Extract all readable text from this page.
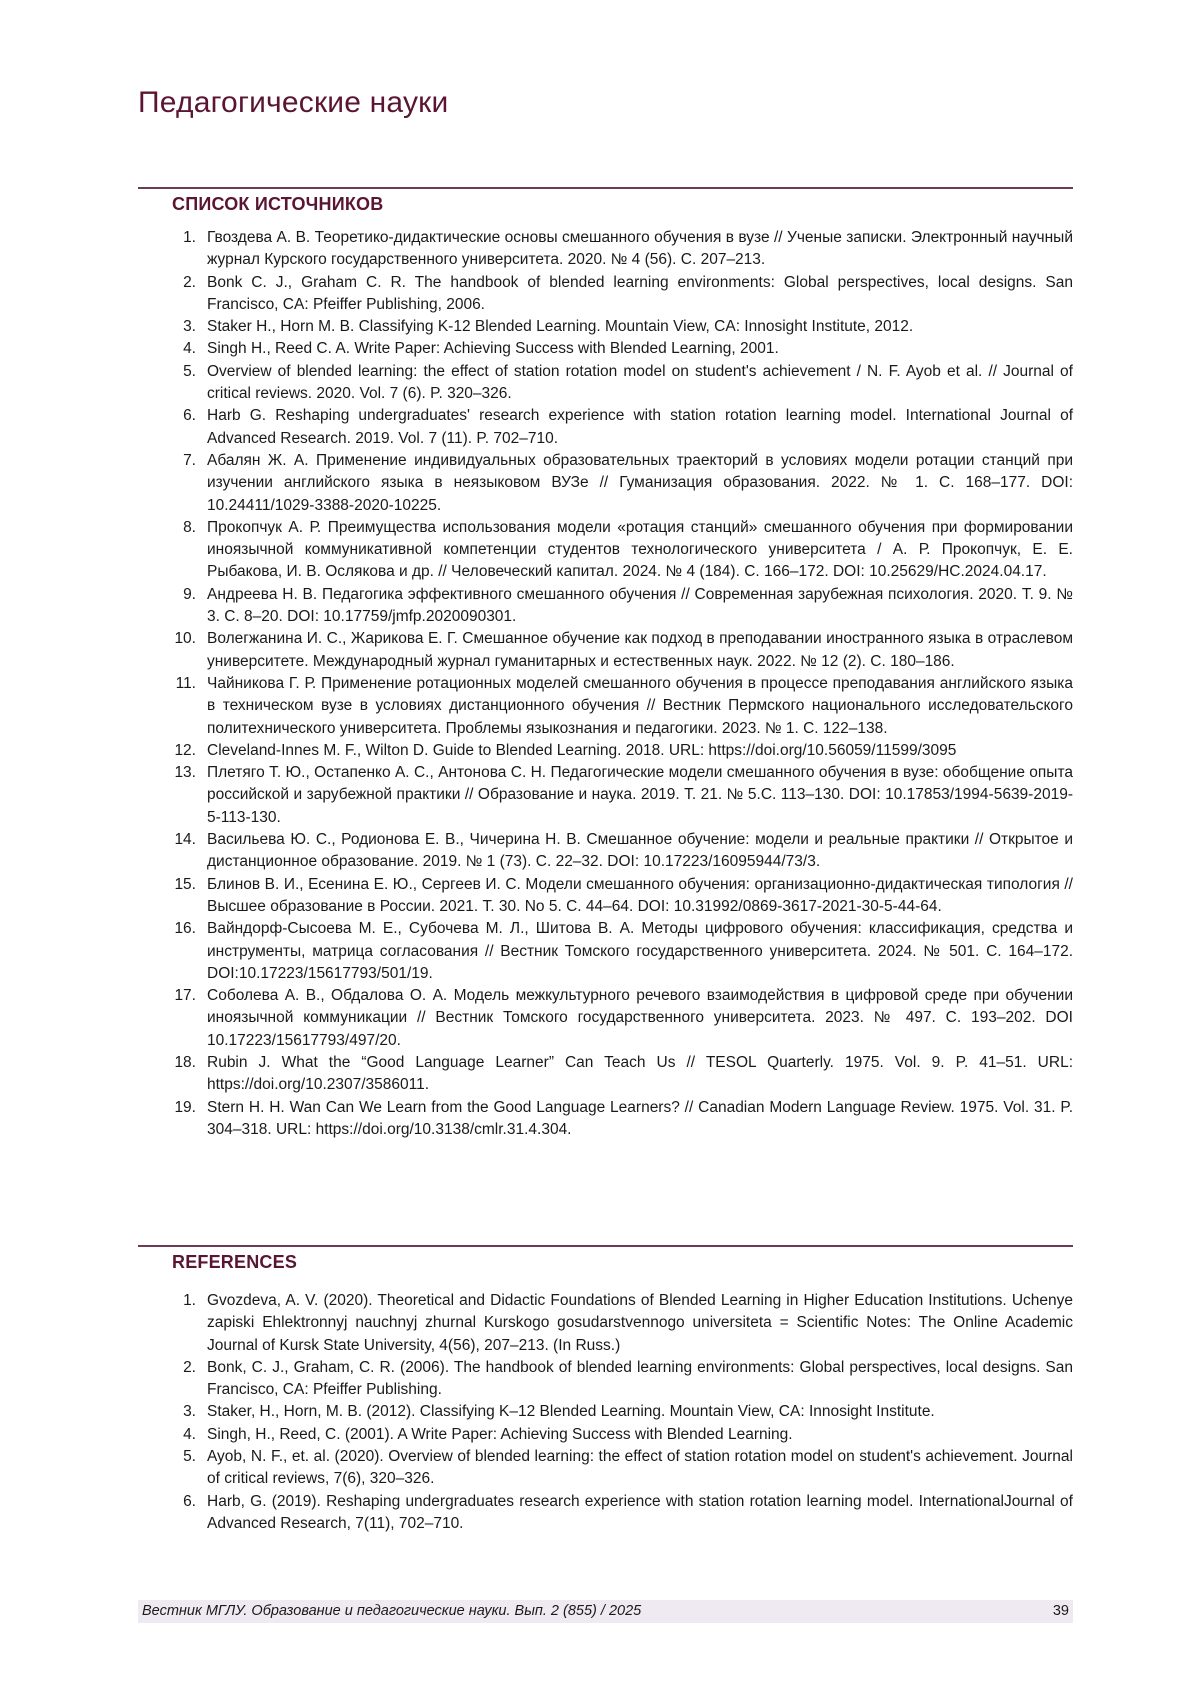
Педагогические науки
СПИСОК ИСТОЧНИКОВ
1. Гвоздева А. В. Теоретико-дидактические основы смешанного обучения в вузе // Ученые записки. Электронный научный журнал Курского государственного университета. 2020. № 4 (56). С. 207–213.
2. Bonk C. J., Graham C. R. The handbook of blended learning environments: Global perspectives, local designs. San Francisco, CA: Pfeiffer Publishing, 2006.
3. Staker H., Horn M. B. Classifying K-12 Blended Learning. Mountain View, CA: Innosight Institute, 2012.
4. Singh H., Reed C. A. Write Paper: Achieving Success with Blended Learning, 2001.
5. Overview of blended learning: the effect of station rotation model on student's achievement / N. F. Ayob et al. // Journal of critical reviews. 2020. Vol. 7 (6). P. 320–326.
6. Harb G. Reshaping undergraduates' research experience with station rotation learning model. International Journal of Advanced Research. 2019. Vol. 7 (11). P. 702–710.
7. Абалян Ж. А. Применение индивидуальных образовательных траекторий в условиях модели ротации станций при изучении английского языка в неязыковом ВУЗе // Гуманизация образования. 2022. № 1. С. 168–177. DOI: 10.24411/1029-3388-2020-10225.
8. Прокопчук А. Р. Преимущества использования модели «ротация станций» смешанного обучения при формировании иноязычной коммуникативной компетенции студентов технологического университета / А. Р. Прокопчук, Е. Е. Рыбакова, И. В. Ослякова и др. // Человеческий капитал. 2024. № 4 (184). С. 166–172. DOI: 10.25629/HC.2024.04.17.
9. Андреева Н. В. Педагогика эффективного смешанного обучения // Современная зарубежная психология. 2020. Т. 9. № 3. С. 8–20. DOI: 10.17759/jmfp.2020090301.
10. Волегжанина И. С., Жарикова Е. Г. Смешанное обучение как подход в преподавании иностранного языка в отраслевом университете. Международный журнал гуманитарных и естественных наук. 2022. № 12 (2). С. 180–186.
11. Чайникова Г. Р. Применение ротационных моделей смешанного обучения в процессе преподавания английского языка в техническом вузе в условиях дистанционного обучения // Вестник Пермского национального исследовательского политехнического университета. Проблемы языкознания и педагогики. 2023. № 1. С. 122–138.
12. Cleveland-Innes M. F., Wilton D. Guide to Blended Learning. 2018. URL: https://doi.org/10.56059/11599/3095
13. Плетяго Т. Ю., Остапенко А. С., Антонова С. Н. Педагогические модели смешанного обучения в вузе: обобщение опыта российской и зарубежной практики // Образование и наука. 2019. Т. 21. № 5.С. 113–130. DOI: 10.17853/1994-5639-2019-5-113-130.
14. Васильева Ю. С., Родионова Е. В., Чичерина Н. В. Смешанное обучение: модели и реальные практики // Открытое и дистанционное образование. 2019. № 1 (73). С. 22–32. DOI: 10.17223/16095944/73/3.
15. Блинов В. И., Есенина Е. Ю., Сергеев И. С. Модели смешанного обучения: организационно-дидактическая типология // Высшее образование в России. 2021. Т. 30. No 5. С. 44–64. DOI: 10.31992/0869-3617-2021-30-5-44-64.
16. Вайндорф-Сысоева М. Е., Субочева М. Л., Шитова В. А. Методы цифрового обучения: классификация, средства и инструменты, матрица согласования // Вестник Томского государственного университета. 2024. № 501. С. 164–172. DOI:10.17223/15617793/501/19.
17. Соболева А. В., Обдалова О. А. Модель межкультурного речевого взаимодействия в цифровой среде при обучении иноязычной коммуникации // Вестник Томского государственного университета. 2023. № 497. С. 193–202. DOI 10.17223/15617793/497/20.
18. Rubin J. What the “Good Language Learner” Can Teach Us // TESOL Quarterly. 1975. Vol. 9. P. 41–51. URL: https://doi.org/10.2307/3586011.
19. Stern H. H. Wan Can We Learn from the Good Language Learners? // Canadian Modern Language Review. 1975. Vol. 31. P. 304–318. URL: https://doi.org/10.3138/cmlr.31.4.304.
REFERENCES
1. Gvozdeva, A. V. (2020). Theoretical and Didactic Foundations of Blended Learning in Higher Education Institutions. Uchenye zapiski Ehlektronnyj nauchnyj zhurnal Kurskogo gosudarstvennogo universiteta = Scientific Notes: The Online Academic Journal of Kursk State University, 4(56), 207–213. (In Russ.)
2. Bonk, C. J., Graham, C. R. (2006). The handbook of blended learning environments: Global perspectives, local designs. San Francisco, CA: Pfeiffer Publishing.
3. Staker, H., Horn, M. B. (2012). Classifying K–12 Blended Learning. Mountain View, CA: Innosight Institute.
4. Singh, H., Reed, C. (2001). A Write Paper: Achieving Success with Blended Learning.
5. Ayob, N. F., et. al. (2020). Overview of blended learning: the effect of station rotation model on student's achievement. Journal of critical reviews, 7(6), 320–326.
6. Harb, G. (2019). Reshaping undergraduates research experience with station rotation learning model. InternationalJournal of Advanced Research, 7(11), 702–710.
Вестник МГЛУ. Образование и педагогические науки. Вып. 2 (855) / 2025	39
